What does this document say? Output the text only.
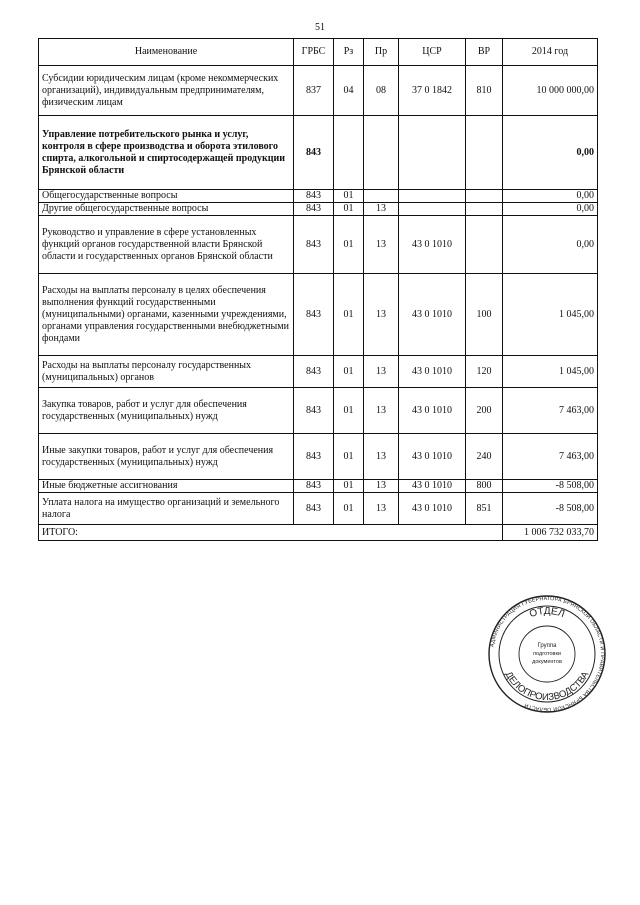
51
Наименование	ГРБС	Рз	Пр	ЦСР	ВР	2014 год
Субсидии юридическим лицам (кроме некоммерческих организаций), индивидуальным предпринимателям, физическим лицам	837	04	08	37 0 1842	810	10 000 000,00
Управление потребительского рынка и услуг, контроля в сфере производства и оборота этилового спирта, алкогольной и спиртосодержащей продукции Брянской области	843					0,00
Общегосударственные вопросы	843	01				0,00
Другие общегосударственные вопросы	843	01	13			0,00
Руководство и управление в сфере установленных функций органов государственной власти Брянской области и государственных органов Брянской области	843	01	13	43 0 1010		0,00
Расходы на выплаты персоналу в целях обеспечения выполнения функций государственными (муниципальными) органами, казенными учреждениями, органами управления государственными внебюджетными фондами	843	01	13	43 0 1010	100	1 045,00
Расходы на выплаты персоналу государственных (муниципальных) органов	843	01	13	43 0 1010	120	1 045,00
Закупка товаров, работ и услуг для обеспечения государственных (муниципальных) нужд	843	01	13	43 0 1010	200	7 463,00
Иные закупки товаров, работ и услуг для обеспечения государственных (муниципальных) нужд	843	01	13	43 0 1010	240	7 463,00
Иные бюджетные ассигнования	843	01	13	43 0 1010	800	-8 508,00
Уплата налога на имущество организаций и земельного налога	843	01	13	43 0 1010	851	-8 508,00
ИТОГО:						1 006 732 033,70
АДМИНИСТРАЦИЯ ГУБЕРНАТОРА БРЯНСКОЙ ОБЛАСТИ И ПРАВИТЕЛЬСТВА БРЯНСКОЙ ОБЛАСТИ
ОТДЕЛ
ДЕЛОПРОИЗВОДСТВА
Группа
подготовки
документов
